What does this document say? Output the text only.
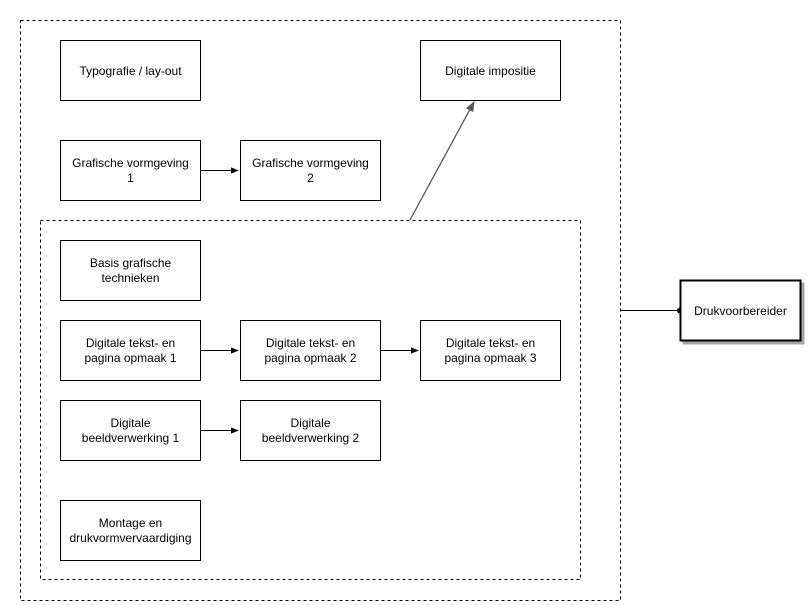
Typografie / lay-out	Digitale impositie
Grafische vormgeving
1
Grafische vormgeving
2
Basis grafische
technieken
Digitale tekst- en
pagina opmaak 1
Digitale tekst- en
pagina opmaak 2
Digitale tekst- en
pagina opmaak 3
Digitale
beeldverwerking 1
Digitale
beeldverwerking 2
Montage en
drukvormvervaardiging
Drukvoorbereider
